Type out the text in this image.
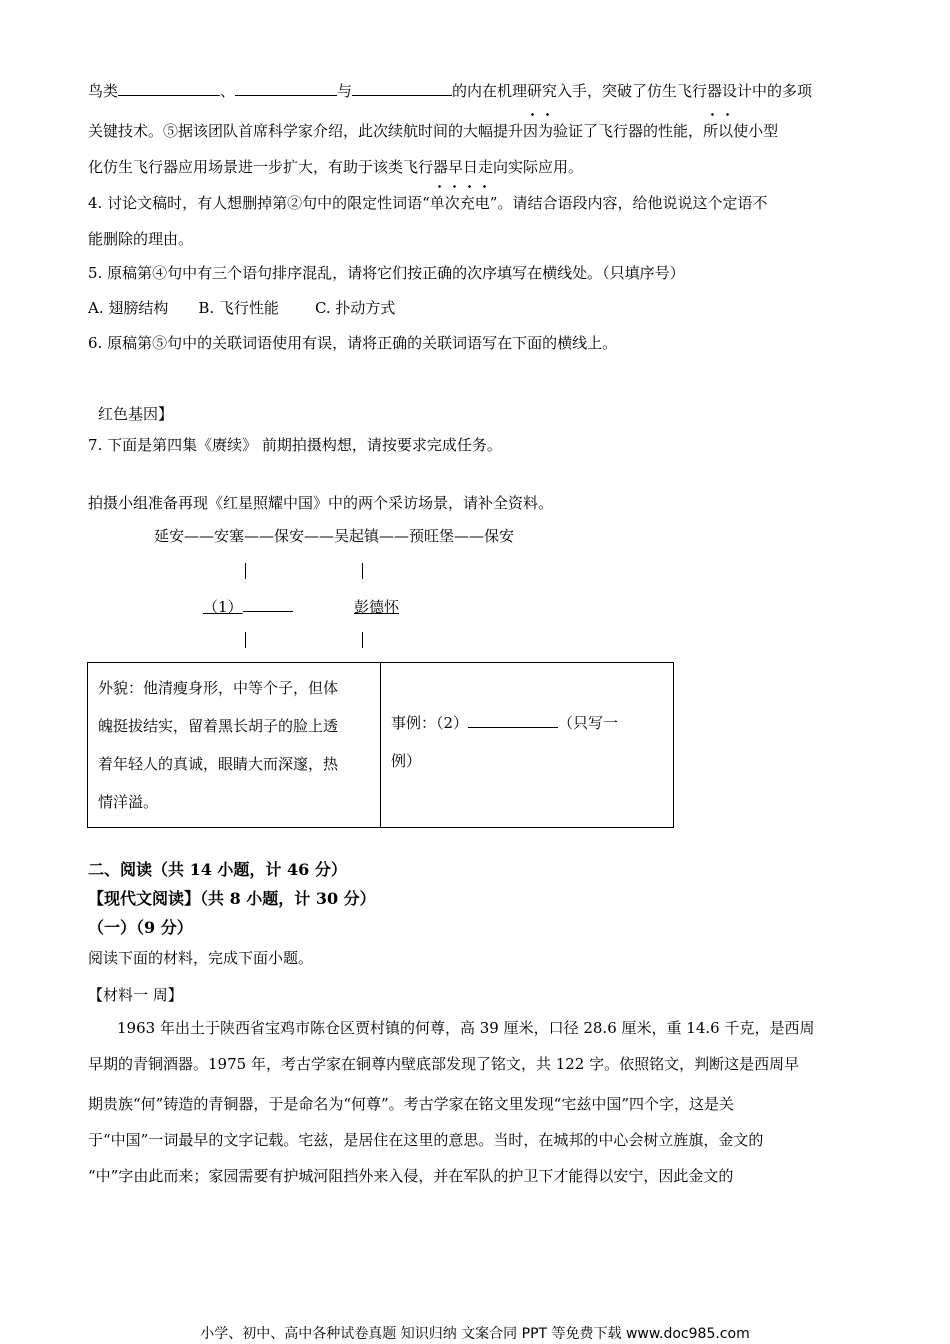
鸟类	、	与	的内在机理研究入手，突破了仿生飞行器设计中的多项
关键技术。⑤据该团队首席科学家介绍，此次续航时间的大幅提升因为验证了飞行器的性能，所以使小型
化仿生飞行器应用场景进一步扩大，有助于该类飞行器早日走向实际应用。
4. 讨论文稿时，有人想删掉第②句中的限定性词语“单次充电”。请结合语段内容，给他说说这个定语不
能删除的理由。
5. 原稿第④句中有三个语句排序混乱，请将它们按正确的次序填写在横线处。（只填序号）
A. 翅膀结构 B. 飞行性能 C. 扑动方式
6. 原稿第⑤句中的关联词语使用有误，请将正确的关联词语写在下面的横线上。
红色基因】
7. 下面是第四集《赓续》 前期拍摄构想，请按要求完成任务。
拍摄小组准备再现《红星照耀中国》中的两个采访场景，请补全资料。
延安——安塞——保安——吴起镇——预旺堡——保安
（1）	彭德怀
外貌：他清瘦身形，中等个子，但体
魄挺拔结实，留着黑长胡子的脸上透
着年轻人的真诚，眼睛大而深邃，热
情洋溢。

事例：（2）	（只写一
例）
二、阅读（共 14 小题，计 46 分）
【现代文阅读】（共 8 小题，计 30 分）
（一）（9 分）
阅读下面的材料，完成下面小题。
【材料一 周】
1963 年出土于陕西省宝鸡市陈仓区贾村镇的何尊，高 39 厘米，口径 28.6 厘米，重 14.6 千克，是西周
早期的青铜酒器。1975 年，考古学家在铜尊内壁底部发现了铭文，共 122 字。依照铭文，判断这是西周早
期贵族“何”铸造的青铜器，于是命名为“何尊”。考古学家在铭文里发现“宅兹中国”四个字，这是关
于“中国”一词最早的文字记载。宅兹，是居住在这里的意思。当时，在城邦的中心会树立旌旗，金文的
“中”字由此而来；家园需要有护城河阻挡外来入侵，并在军队的护卫下才能得以安宁，因此金文的
小学、初中、高中各种试卷真题 知识归纳 文案合同 PPT 等免费下载 www.doc985.com
